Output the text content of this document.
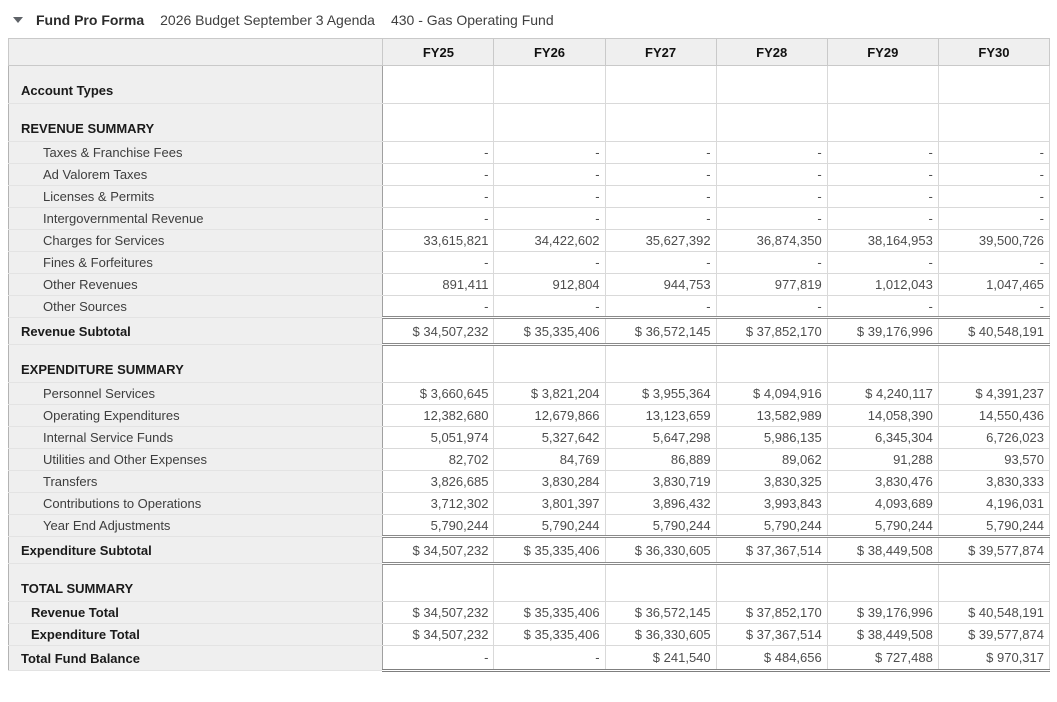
Fund Pro Forma 2026 Budget September 3 Agenda 430 - Gas Operating Fund
	FY25	FY26	FY27	FY28	FY29	FY30
Account Types						
REVENUE SUMMARY						
Taxes & Franchise Fees	-	-	-	-	-	-
Ad Valorem Taxes	-	-	-	-	-	-
Licenses & Permits	-	-	-	-	-	-
Intergovernmental Revenue	-	-	-	-	-	-
Charges for Services	33,615,821	34,422,602	35,627,392	36,874,350	38,164,953	39,500,726
Fines & Forfeitures	-	-	-	-	-	-
Other Revenues	891,411	912,804	944,753	977,819	1,012,043	1,047,465
Other Sources	-	-	-	-	-	-
Revenue Subtotal	$ 34,507,232	$ 35,335,406	$ 36,572,145	$ 37,852,170	$ 39,176,996	$ 40,548,191
EXPENDITURE SUMMARY						
Personnel Services	$ 3,660,645	$ 3,821,204	$ 3,955,364	$ 4,094,916	$ 4,240,117	$ 4,391,237
Operating Expenditures	12,382,680	12,679,866	13,123,659	13,582,989	14,058,390	14,550,436
Internal Service Funds	5,051,974	5,327,642	5,647,298	5,986,135	6,345,304	6,726,023
Utilities and Other Expenses	82,702	84,769	86,889	89,062	91,288	93,570
Transfers	3,826,685	3,830,284	3,830,719	3,830,325	3,830,476	3,830,333
Contributions to Operations	3,712,302	3,801,397	3,896,432	3,993,843	4,093,689	4,196,031
Year End Adjustments	5,790,244	5,790,244	5,790,244	5,790,244	5,790,244	5,790,244
Expenditure Subtotal	$ 34,507,232	$ 35,335,406	$ 36,330,605	$ 37,367,514	$ 38,449,508	$ 39,577,874
TOTAL SUMMARY						
Revenue Total	$ 34,507,232	$ 35,335,406	$ 36,572,145	$ 37,852,170	$ 39,176,996	$ 40,548,191
Expenditure Total	$ 34,507,232	$ 35,335,406	$ 36,330,605	$ 37,367,514	$ 38,449,508	$ 39,577,874
Total Fund Balance	-	-	$ 241,540	$ 484,656	$ 727,488	$ 970,317
